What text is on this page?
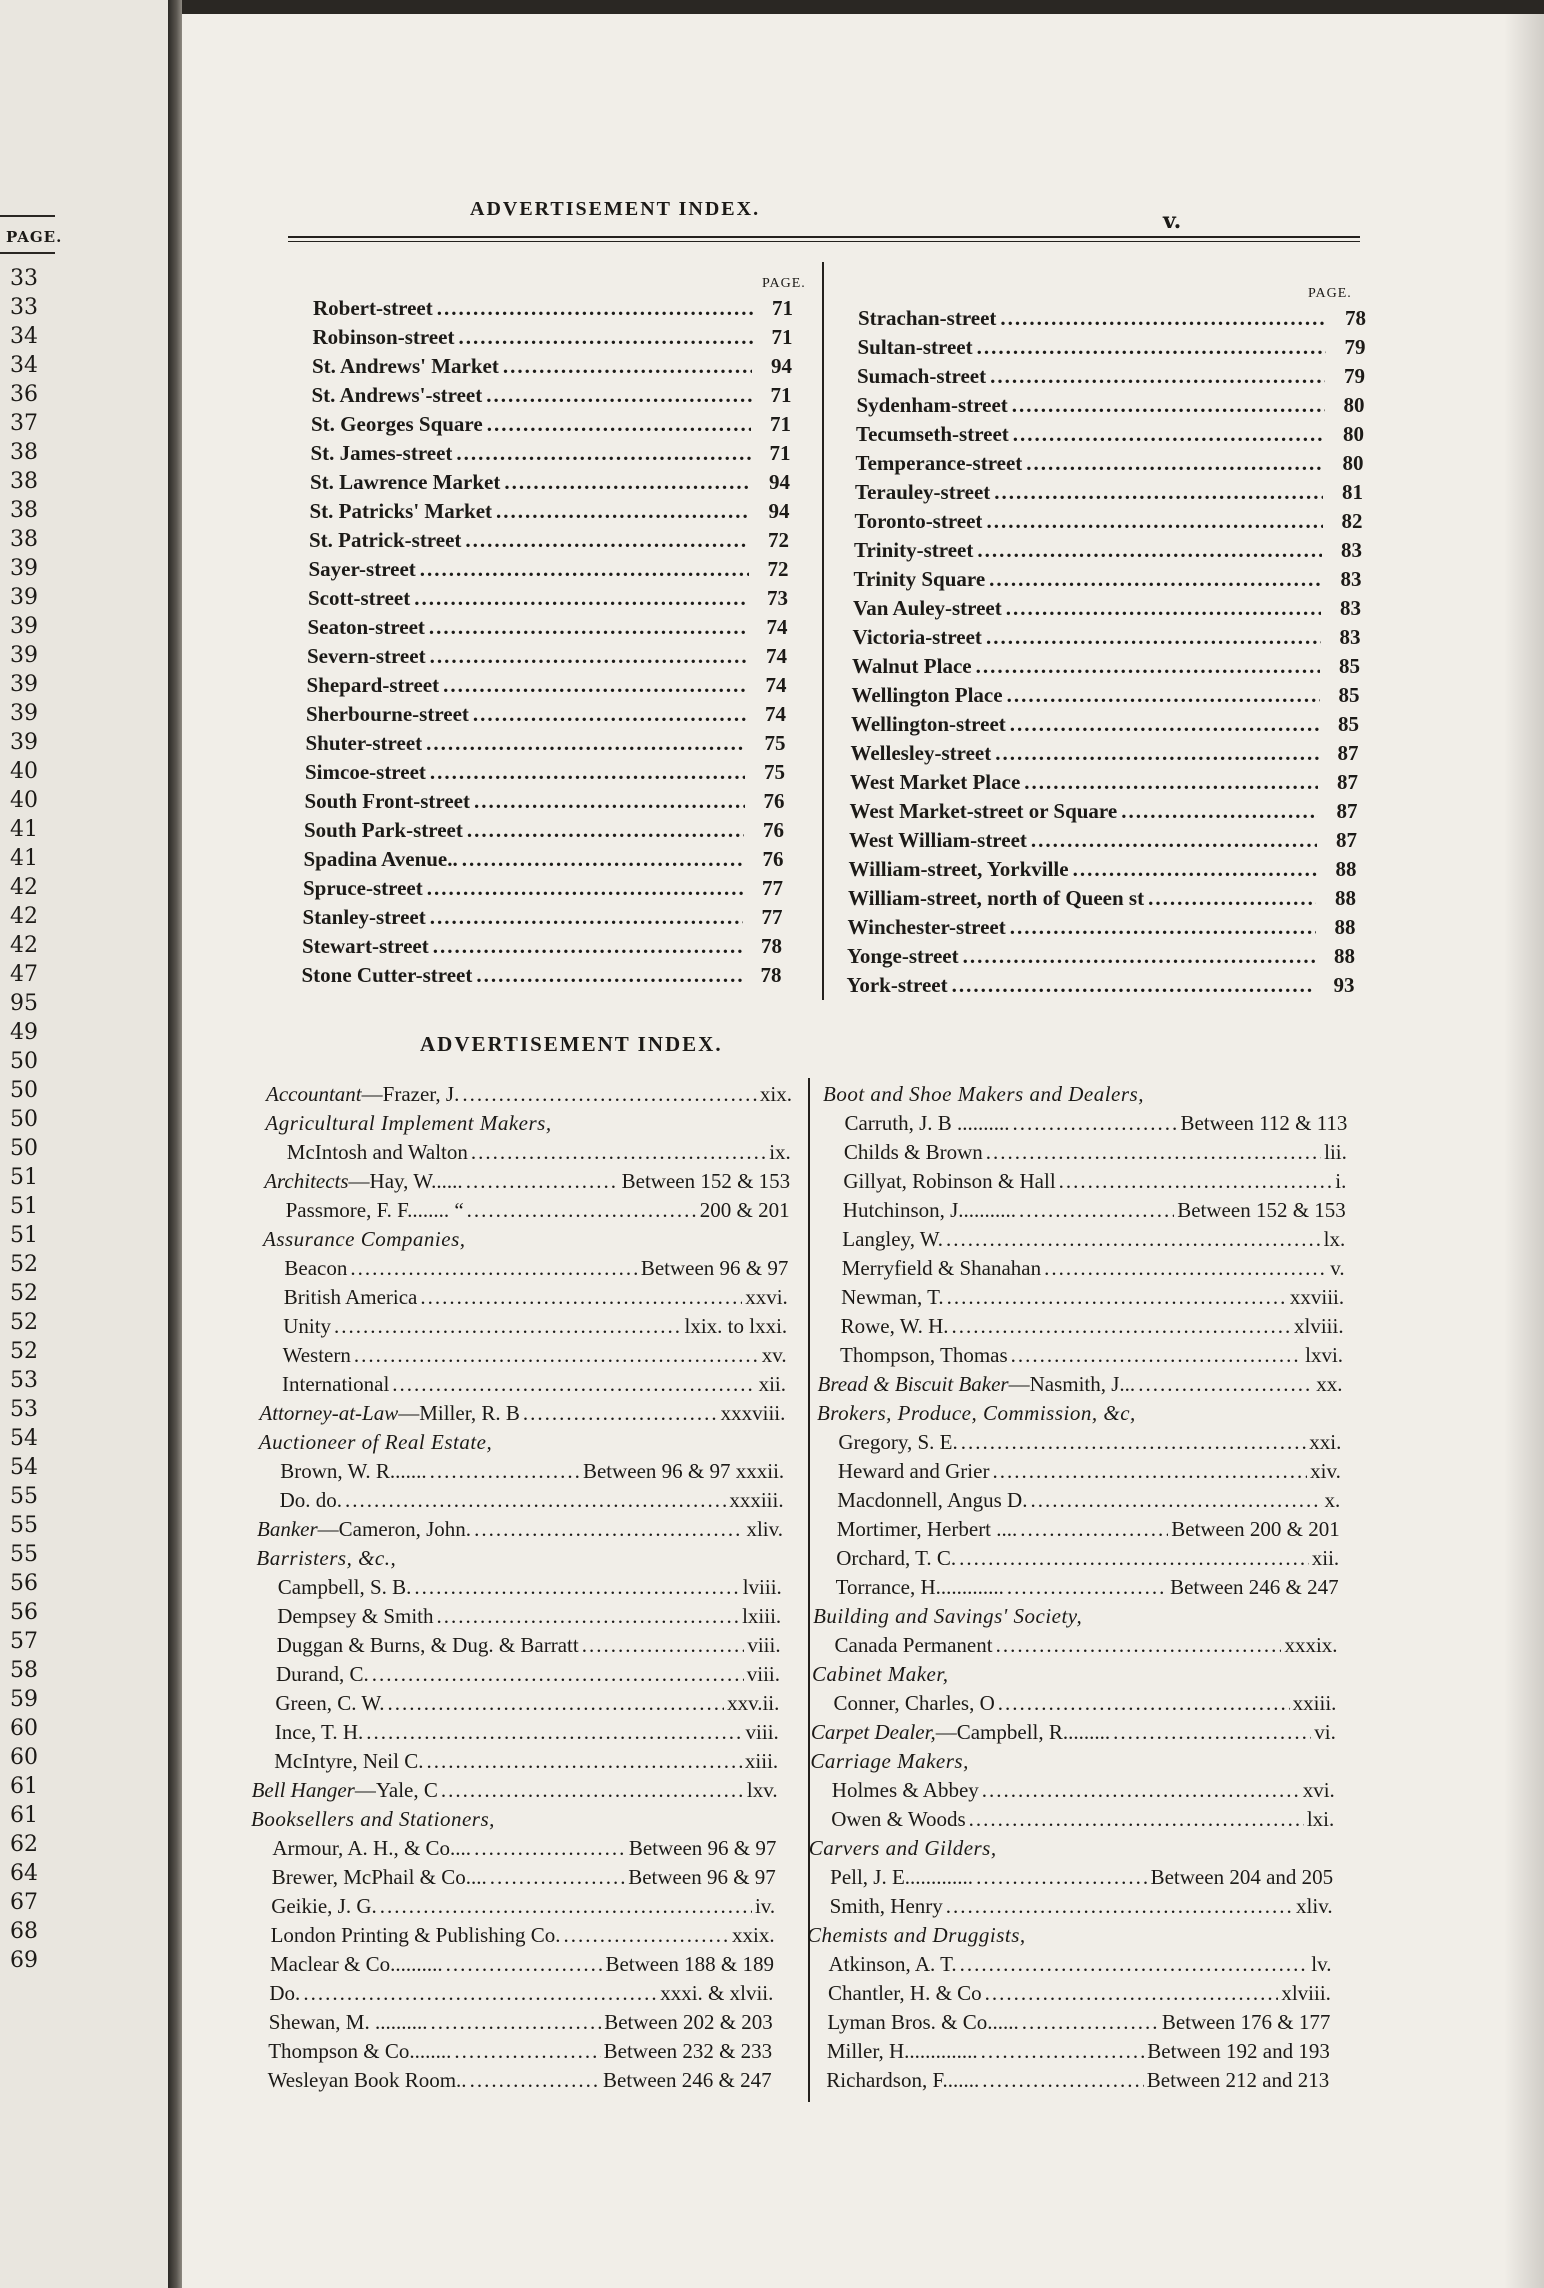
PAGE.
33
33
34
34
36
37
38
38
38
38
39
39
39
39
39
39
39
40
40
41
41
42
42
42
47
95
49
50
50
50
50
51
51
51
52
52
52
52
53
53
54
54
55
55
55
56
56
57
58
59
60
60
61
61
62
64
67
68
69
ADVERTISEMENT INDEX.	v.
PAGE.
PAGE.
Robert-street .....	71
Robinson-street .....	71
St. Andrews' Market .....	94
St. Andrews'-street .....	71
St. Georges Square .....	71
St. James-street .....	71
St. Lawrence Market .....	94
St. Patricks' Market .....	94
St. Patrick-street .....	72
Sayer-street .....	72
Scott-street .....	73
Seaton-street .....	74
Severn-street .....	74
Shepard-street .....	74
Sherbourne-street .....	74
Shuter-street .....	75
Simcoe-street .....	75
South Front-street .....	76
South Park-street .....	76
Spadina Avenue.. .....	76
Spruce-street .....	77
Stanley-street .....	77
Stewart-street .....	78
Stone Cutter-street .....	78
Strachan-street .....	78
Sultan-street .....	79
Sumach-street .....	79
Sydenham-street .....	80
Tecumseth-street .....	80
Temperance-street .....	80
Terauley-street .....	81
Toronto-street .....	82
Trinity-street .....	83
Trinity Square .....	83
Van Auley-street .....	83
Victoria-street .....	83
Walnut Place .....	85
Wellington Place .....	85
Wellington-street .....	85
Wellesley-street .....	87
West Market Place .....	87
West Market-street or Square .....	87
West William-street .....	87
William-street, Yorkville .....	88
William-street, north of Queen st .....	88
Winchester-street .....	88
Yonge-street .....	88
York-street .....	93
ADVERTISEMENT INDEX.
Accountant —Frazer, J. .....	xix.
Agricultural Implement Makers,
McIntosh and Walton .....	ix.
Architects —Hay, W...... .....	Between 152 & 153
Passmore, F. F........ “ .....	200 & 201
Assurance Companies,
Beacon .....	Between 96 & 97
British America .....	xxvi.
Unity .....	lxix. to lxxi.
Western .....	xv.
International .....	xii.
Attorney-at-Law —Miller, R. B .....	xxxviii.
Auctioneer of Real Estate,
Brown, W. R....... .....	Between 96 & 97 xxxii.
Do. do. .....	xxxiii.
Banker —Cameron, John. .....	xliv.
Barristers, &c.,
Campbell, S. B. .....	lviii.
Dempsey & Smith .....	lxiii.
Duggan & Burns, & Dug. & Barratt .....	viii.
Durand, C. .....	viii.
Green, C. W. .....	xxv.ii.
Ince, T. H. .....	viii.
McIntyre, Neil C. .....	xiii.
Bell Hanger —Yale, C .....	lxv.
Booksellers and Stationers,
Armour, A. H., & Co.... .....	Between 96 & 97
Brewer, McPhail & Co.... .....	Between 96 & 97
Geikie, J. G. .....	iv.
London Printing & Publishing Co. .....	xxix.
Maclear & Co.......... .....	Between 188 & 189
Do. .....	xxxi. & xlvii.
Shewan, M. .......... .....	Between 202 & 203
Thompson & Co........ .....	Between 232 & 233
Wesleyan Book Room.. .....	Between 246 & 247
Boot and Shoe Makers and Dealers,
Carruth, J. B .......... .....	Between 112 & 113
Childs & Brown .....	lii.
Gillyat, Robinson & Hall .....	i.
Hutchinson, J........... .....	Between 152 & 153
Langley, W. .....	lx.
Merryfield & Shanahan .....	v.
Newman, T. .....	xxviii.
Rowe, W. H. .....	xlviii.
Thompson, Thomas .....	lxvi.
Bread & Biscuit Baker —Nasmith, J... .....	xx.
Brokers, Produce, Commission, &c,
Gregory, S. E. .....	xxi.
Heward and Grier .....	xiv.
Macdonnell, Angus D. .....	x.
Mortimer, Herbert .... .....	Between 200 & 201
Orchard, T. C. .....	xii.
Torrance, H............. .....	Between 246 & 247
Building and Savings' Society,
Canada Permanent .....	xxxix.
Cabinet Maker,
Conner, Charles, O .....	xxiii.
Carpet Dealer, —Campbell, R......... .....	vi.
Carriage Makers,
Holmes & Abbey .....	xvi.
Owen & Woods .....	lxi.
Carvers and Gilders,
Pell, J. E............. .....	Between 204 and 205
Smith, Henry .....	xliv.
Chemists and Druggists,
Atkinson, A. T. .....	lv.
Chantler, H. & Co .....	xlviii.
Lyman Bros. & Co...... .....	Between 176 & 177
Miller, H.............. .....	Between 192 and 193
Richardson, F....... .....	Between 212 and 213
